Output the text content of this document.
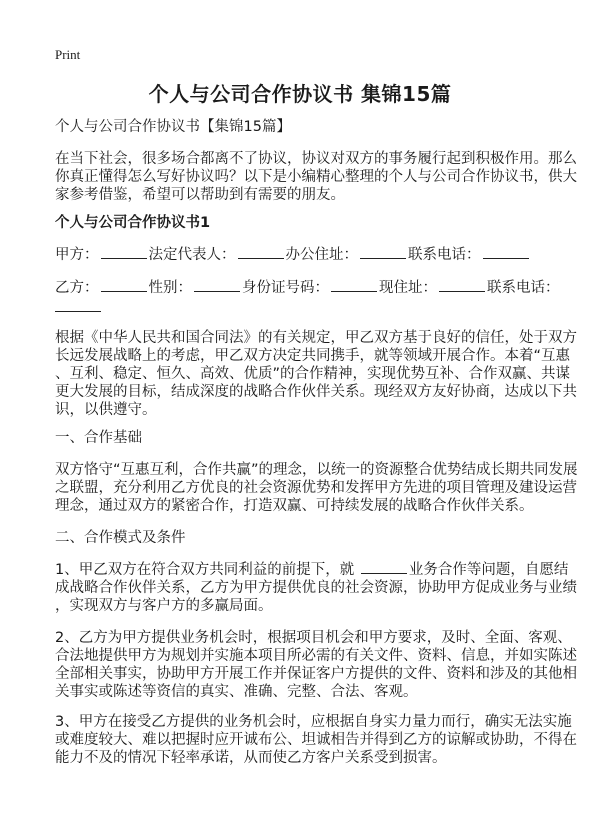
Print
个人与公司合作协议书 集锦15篇
个人与公司合作协议书【集锦15篇】
在当下社会，很多场合都离不了协议，协议对双方的事务履行起到积极作用。那么
你真正懂得怎么写好协议吗？以下是小编精心整理的个人与公司合作协议书，供大
家参考借鉴，希望可以帮助到有需要的朋友。
个人与公司合作协议书1
甲方：	法定代表人：	办公住址：	联系电话：
乙方：	性别：	身份证号码：	现住址：	联系电话：
根据《中华人民共和国合同法》的有关规定，甲乙双方基于良好的信任，处于双方
长远发展战略上的考虑，甲乙双方决定共同携手，就等领域开展合作。本着“互惠
、互利、稳定、恒久、高效、优质”的合作精神，实现优势互补、合作双赢、共谋
更大发展的目标，结成深度的战略合作伙伴关系。现经双方友好协商，达成以下共
识，以供遵守。
一、合作基础
双方恪守“互惠互利，合作共赢”的理念，以统一的资源整合优势结成长期共同发展
之联盟，充分利用乙方优良的社会资源优势和发挥甲方先进的项目管理及建设运营
理念，通过双方的紧密合作，打造双赢、可持续发展的战略合作伙伴关系。
二、合作模式及条件
1、甲乙双方在符合双方共同利益的前提下，就	业务合作等问题，自愿结
成战略合作伙伴关系，乙方为甲方提供优良的社会资源，协助甲方促成业务与业绩
，实现双方与客户方的多赢局面。
2、乙方为甲方提供业务机会时，根据项目机会和甲方要求，及时、全面、客观、
合法地提供甲方为规划并实施本项目所必需的有关文件、资料、信息，并如实陈述
全部相关事实，协助甲方开展工作并保证客户方提供的文件、资料和涉及的其他相
关事实或陈述等资信的真实、准确、完整、合法、客观。
3、甲方在接受乙方提供的业务机会时，应根据自身实力量力而行，确实无法实施
或难度较大、难以把握时应开诚布公、坦诚相告并得到乙方的谅解或协助，不得在
能力不及的情况下轻率承诺，从而使乙方客户关系受到损害。
